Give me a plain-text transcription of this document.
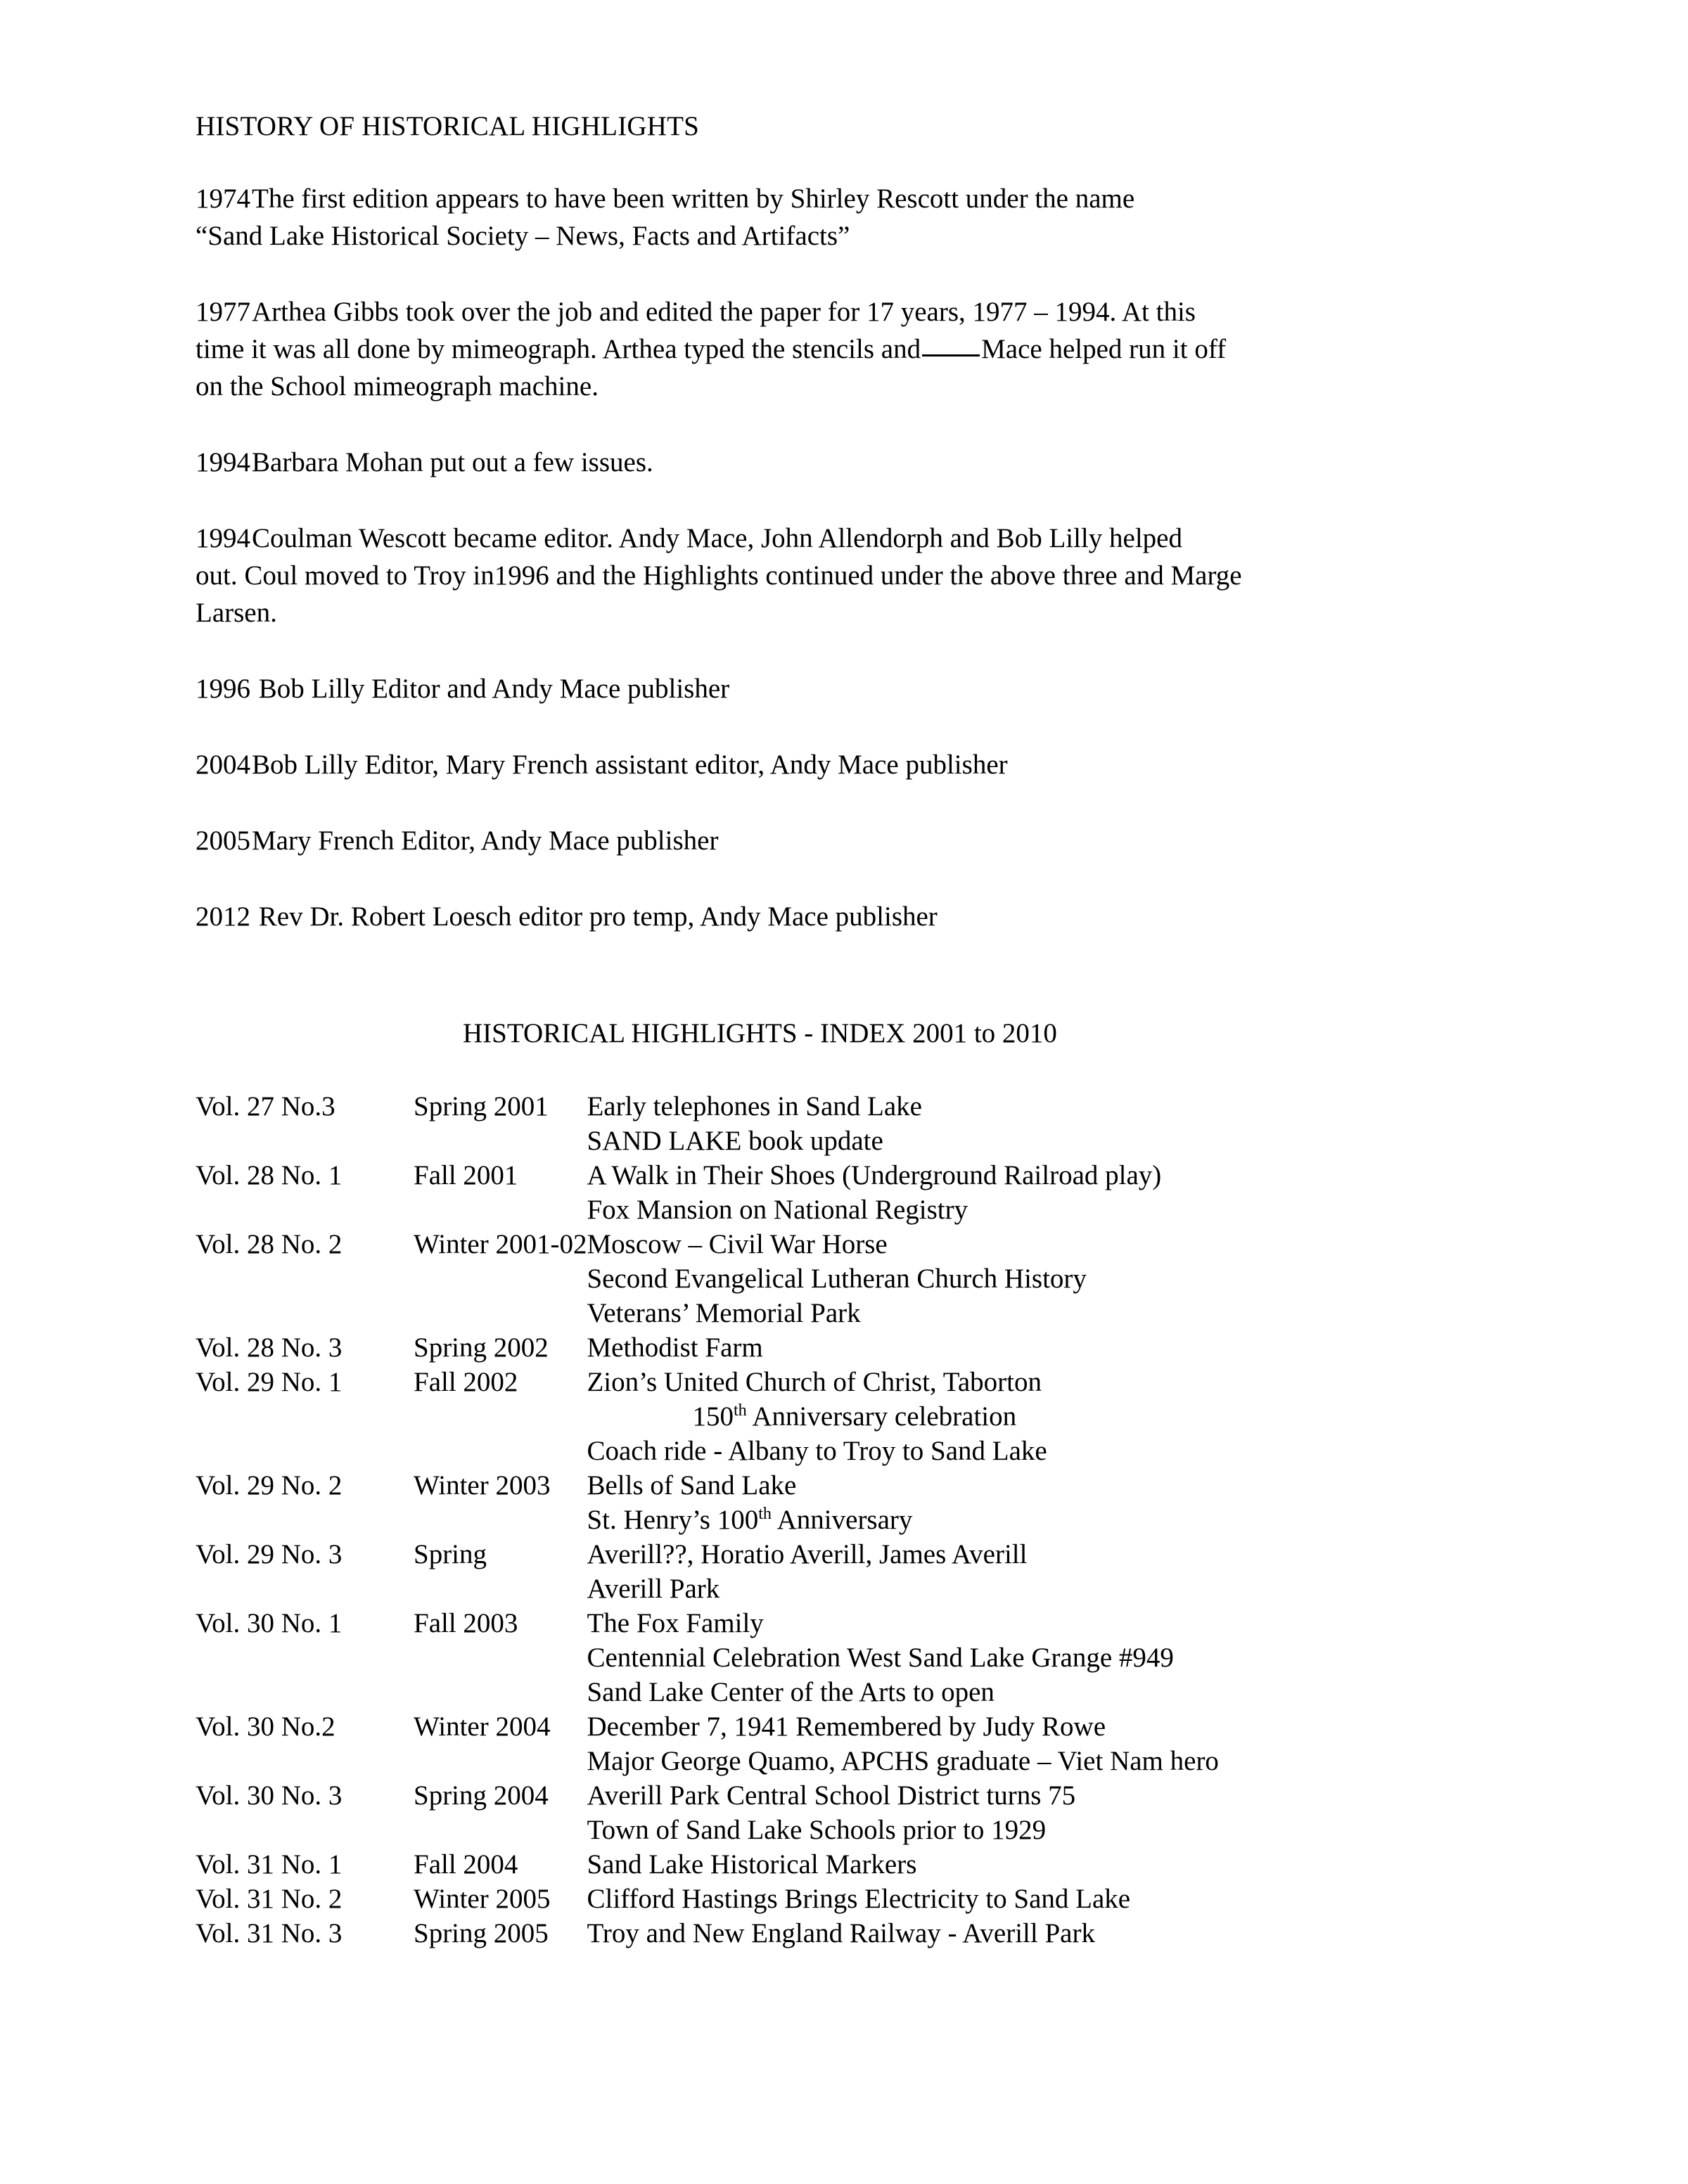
HISTORY OF HISTORICAL HIGHLIGHTS

1974The first edition appears to have been written by Shirley Rescott under the name
“Sand Lake Historical Society – News, Facts and Artifacts”

1977Arthea Gibbs took over the job and edited the paper for 17 years, 1977 – 1994. At this
time it was all done by mimeograph. Arthea typed the stencils and Mace helped run it off
on the School mimeograph machine.

1994Barbara Mohan put out a few issues.

1994Coulman Wescott became editor. Andy Mace, John Allendorph and Bob Lilly helped
out. Coul moved to Troy in1996 and the Highlights continued under the above three and Marge
Larsen.

1996 Bob Lilly Editor and Andy Mace publisher

2004Bob Lilly Editor, Mary French assistant editor, Andy Mace publisher

2005Mary French Editor, Andy Mace publisher

2012 Rev Dr. Robert Loesch editor pro temp, Andy Mace publisher

HISTORICAL HIGHLIGHTS - INDEX 2001 to 2010
Vol. 27 No.3	Spring 2001	Early telephones in Sand Lake
SAND LAKE book update

Vol. 28 No. 1	Fall 2001	A Walk in Their Shoes (Underground Railroad play)
Fox Mansion on National Registry

Vol. 28 No. 2	Winter 2001-02	Moscow – Civil War Horse
Second Evangelical Lutheran Church History
Veterans’ Memorial Park

Vol. 28 No. 3	Spring 2002	Methodist Farm

Vol. 29 No. 1	Fall 2002	Zion’s United Church of Christ, Taborton
150th Anniversary celebration
Coach ride - Albany to Troy to Sand Lake

Vol. 29 No. 2	Winter 2003	Bells of Sand Lake
St. Henry’s 100th Anniversary

Vol. 29 No. 3	Spring	Averill??, Horatio Averill, James Averill
Averill Park

Vol. 30 No. 1	Fall 2003	The Fox Family
Centennial Celebration West Sand Lake Grange #949
Sand Lake Center of the Arts to open

Vol. 30 No.2	Winter 2004	December 7, 1941 Remembered by Judy Rowe
Major George Quamo, APCHS graduate – Viet Nam hero

Vol. 30 No. 3	Spring 2004	Averill Park Central School District turns 75
Town of Sand Lake Schools prior to 1929

Vol. 31 No. 1	Fall 2004	Sand Lake Historical Markers

Vol. 31 No. 2	Winter 2005	Clifford Hastings Brings Electricity to Sand Lake

Vol. 31 No. 3	Spring 2005	Troy and New England Railway - Averill Park
